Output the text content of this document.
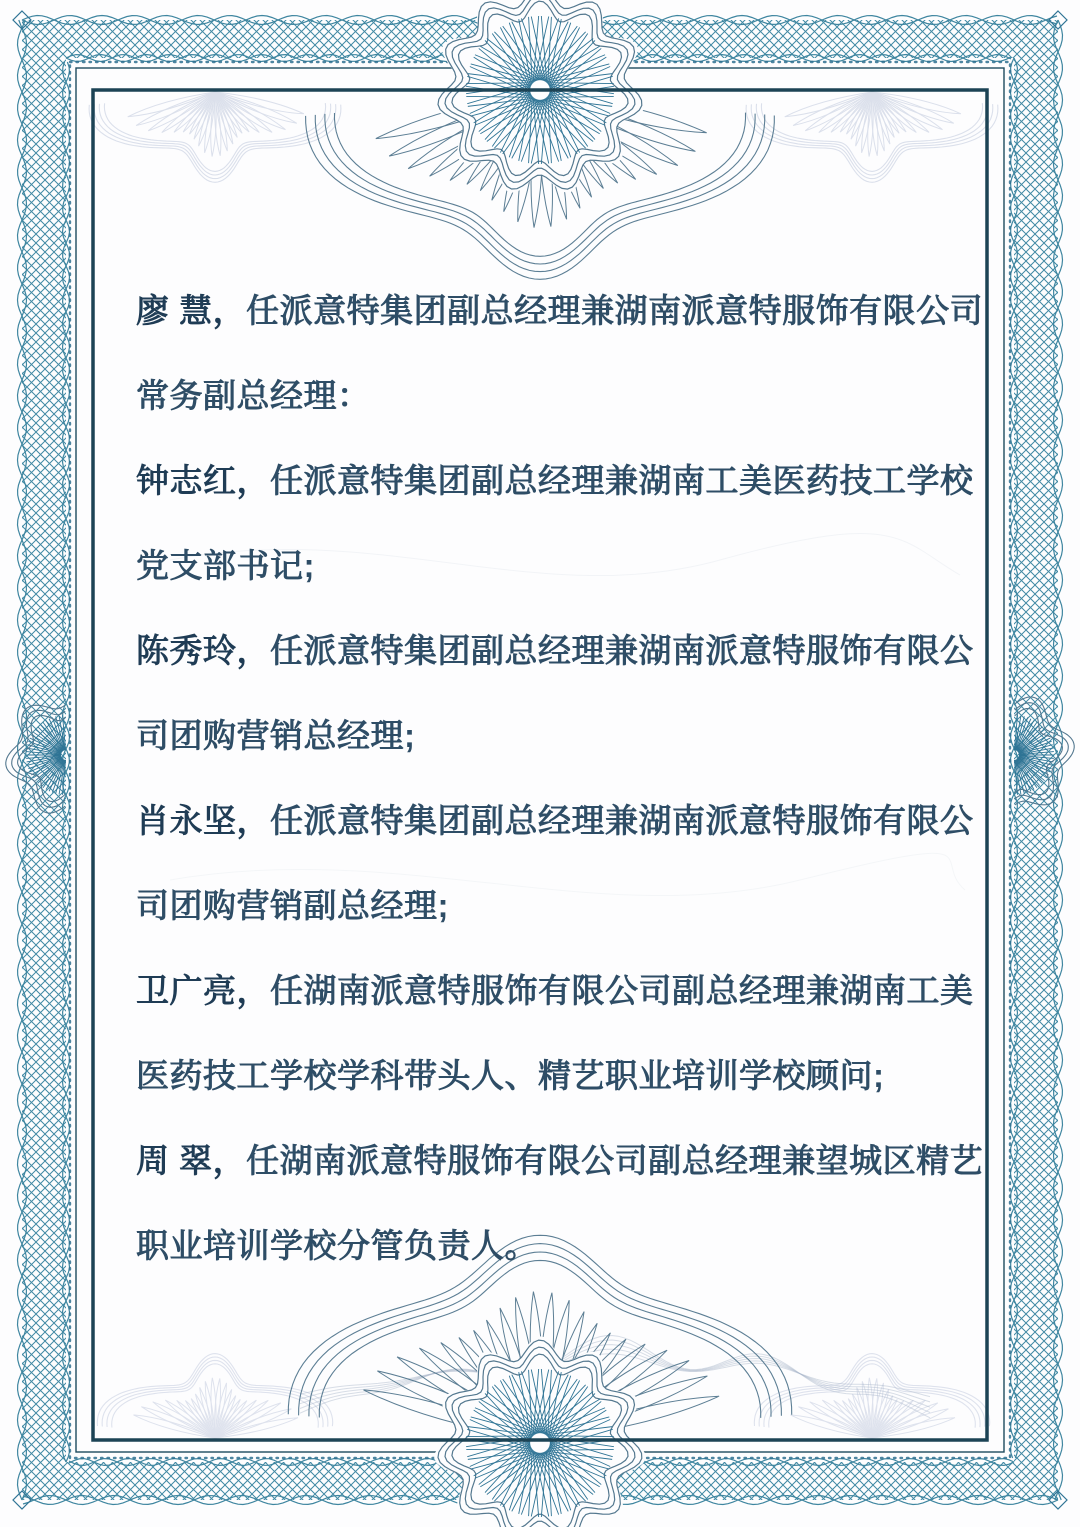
廖 慧， 任派意特集团副总经理兼湖南派意特服饰有限公司
常务副总经理：
钟志红， 任派意特集团副总经理兼湖南工美医药技工学校
党支部书记;
陈秀玲， 任派意特集团副总经理兼湖南派意特服饰有限公
司团购营销总经理;
肖永坚， 任派意特集团副总经理兼湖南派意特服饰有限公
司团购营销副总经理;
卫广亮， 任湖南派意特服饰有限公司副总经理兼湖南工美
医药技工学校学科带头人、精艺职业培训学校顾问;
周 翠， 任湖南派意特服饰有限公司副总经理兼望城区精艺
职业培训学校分管负责人。
